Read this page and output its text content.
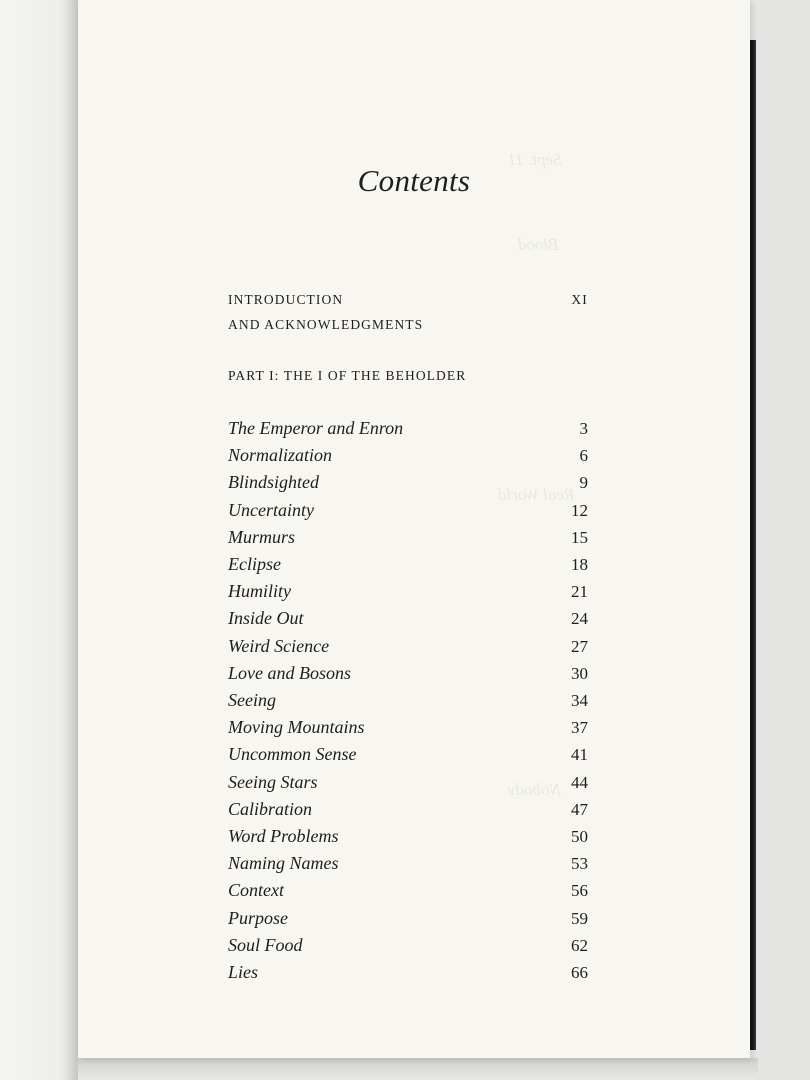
Sept. 11
Blood
Real World
Nobody
Contents
INTRODUCTION	XI
AND ACKNOWLEDGMENTS
PART I: THE I OF THE BEHOLDER
The Emperor and Enron	3
Normalization	6
Blindsighted	9
Uncertainty	12
Murmurs	15
Eclipse	18
Humility	21
Inside Out	24
Weird Science	27
Love and Bosons	30
Seeing	34
Moving Mountains	37
Uncommon Sense	41
Seeing Stars	44
Calibration	47
Word Problems	50
Naming Names	53
Context	56
Purpose	59
Soul Food	62
Lies	66
